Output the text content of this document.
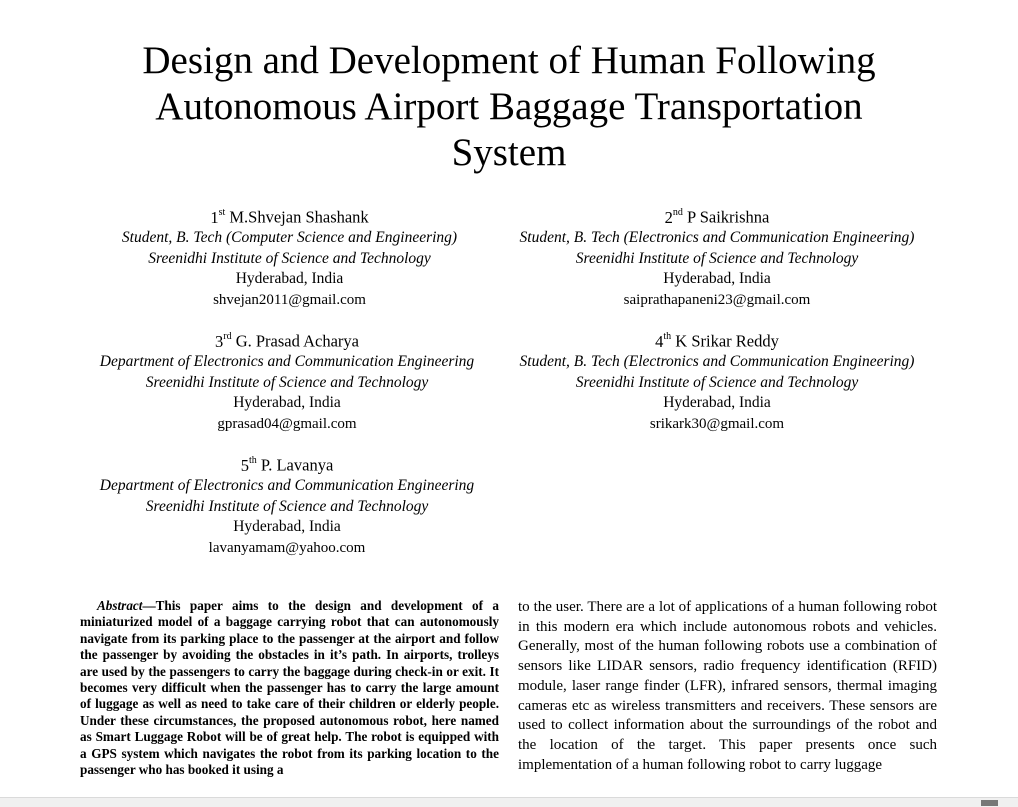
Design and Development of Human Following
Autonomous Airport Baggage Transportation
System
1st M.Shvejan Shashank
Student, B. Tech (Computer Science and Engineering)
Sreenidhi Institute of Science and Technology
Hyderabad, India
shvejan2011@gmail.com
2nd P Saikrishna
Student, B. Tech (Electronics and Communication Engineering)
Sreenidhi Institute of Science and Technology
Hyderabad, India
saiprathapaneni23@gmail.com
3rd G. Prasad Acharya
Department of Electronics and Communication Engineering
Sreenidhi Institute of Science and Technology
Hyderabad, India
gprasad04@gmail.com
4th K Srikar Reddy
Student, B. Tech (Electronics and Communication Engineering)
Sreenidhi Institute of Science and Technology
Hyderabad, India
srikark30@gmail.com
5th P. Lavanya
Department of Electronics and Communication Engineering
Sreenidhi Institute of Science and Technology
Hyderabad, India
lavanyamam@yahoo.com

Abstract—This paper aims to the design and development of a miniaturized model of a baggage carrying robot that can autonomously navigate from its parking place to the passenger at the airport and follow the passenger by avoiding the obstacles in it’s path. In airports, trolleys are used by the passengers to carry the baggage during check-in or exit. It becomes very difficult when the passenger has to carry the large amount of luggage as well as need to take care of their children or elderly people. Under these circumstances, the proposed autonomous robot, here named as Smart Luggage Robot will be of great help. The robot is equipped with a GPS system which navigates the robot from its parking location to the passenger who has booked it using a

to the user. There are a lot of applications of a human following robot in this modern era which include autonomous robots and vehicles. Generally, most of the human following robots use a combination of sensors like LIDAR sensors, radio frequency identification (RFID) module, laser range finder (LFR), infrared sensors, thermal imaging cameras etc as wireless transmitters and receivers. These sensors are used to collect information about the surroundings of the robot and the location of the target. This paper presents once such implementation of a human following robot to carry luggage
